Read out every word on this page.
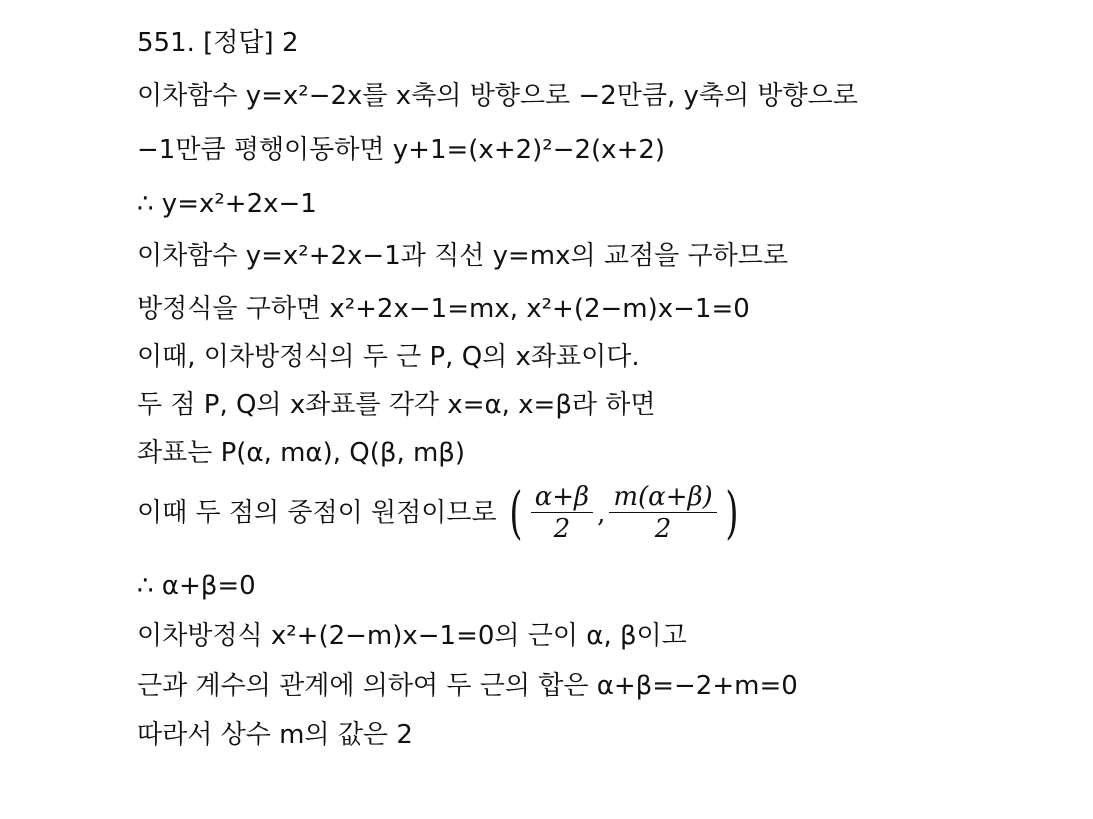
551. [정답] 2
이차함수 y=x²−2x를 x축의 방향으로 −2만큼, y축의 방향으로
−1만큼 평행이동하면 y+1=(x+2)²−2(x+2)
∴ y=x²+2x−1
이차함수 y=x²+2x−1과 직선 y=mx의 교점을 구하므로
방정식을 구하면 x²+2x−1=mx, x²+(2−m)x−1=0
이때, 이차방정식의 두 근 P, Q의 x좌표이다.
두 점 P, Q의 x좌표를 각각 x=α, x=β라 하면
좌표는 P(α, mα), Q(β, mβ)
이때 두 점의 중점이 원점이므로 ( $\frac{\alpha+\beta}{2}$ , $\frac{m(\alpha+\beta)}{2}$ )
∴ α+β=0
이차방정식 x²+(2−m)x−1=0의 근이 α, β이고
근과 계수의 관계에 의하여 두 근의 합은 α+β=−2+m=0
따라서 상수 m의 값은 2
